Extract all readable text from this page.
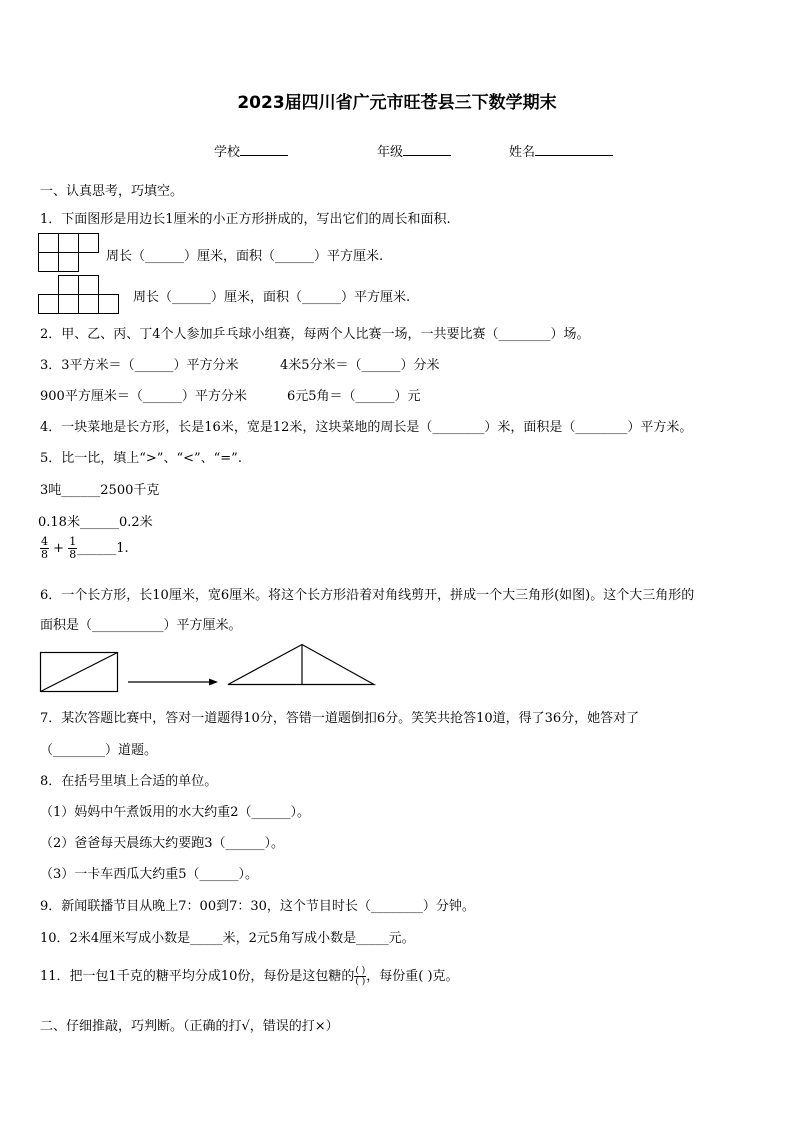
2023届四川省广元市旺苍县三下数学期末
学校	年级	姓名
一、认真思考，巧填空。
1．下面图形是用边长1厘米的小正方形拼成的，写出它们的周长和面积.
周长（______）厘米，面积（______）平方厘米.
周长（______）厘米，面积（______）平方厘米.
2．甲、乙、丙、丁4个人参加乒乓球小组赛，每两个人比赛一场，一共要比赛（________）场。
3．3平方米＝（______）平方分米	4米5分米＝（______）分米
900平方厘米＝（______）平方分米	6元5角＝（______）元
4．一块菜地是长方形，长是16米，宽是12米，这块菜地的周长是（________）米，面积是（________）平方米。
5．比一比，填上“>”、“<”、“=”.
3吨______2500千克
0.18米______0.2米
$\frac{4}{8} + \frac{1}{8}$ ______1.
6．一个长方形，长10厘米，宽6厘米。将这个长方形沿着对角线剪开，拼成一个大三角形(如图)。这个大三角形的
面积是（___________）平方厘米。
7．某次答题比赛中，答对一道题得10分，答错一道题倒扣6分。笑笑共抢答10道，得了36分，她答对了
（________）道题。
8．在括号里填上合适的单位。
（1）妈妈中午煮饭用的水大约重2（______）。
（2）爸爸每天晨练大约要跑3（______）。
（3）一卡车西瓜大约重5（______）。
9．新闻联播节目从晚上7：00到7：30，这个节目时长（________）分钟。
10．2米4厘米写成小数是_____米，2元5角写成小数是_____元。
11．把一包1千克的糖平均分成10份，每份是这包糖的 $\frac{( )}{( )}$ ，每份重( )克。
二、仔细推敲，巧判断。（正确的打√，错误的打×）
